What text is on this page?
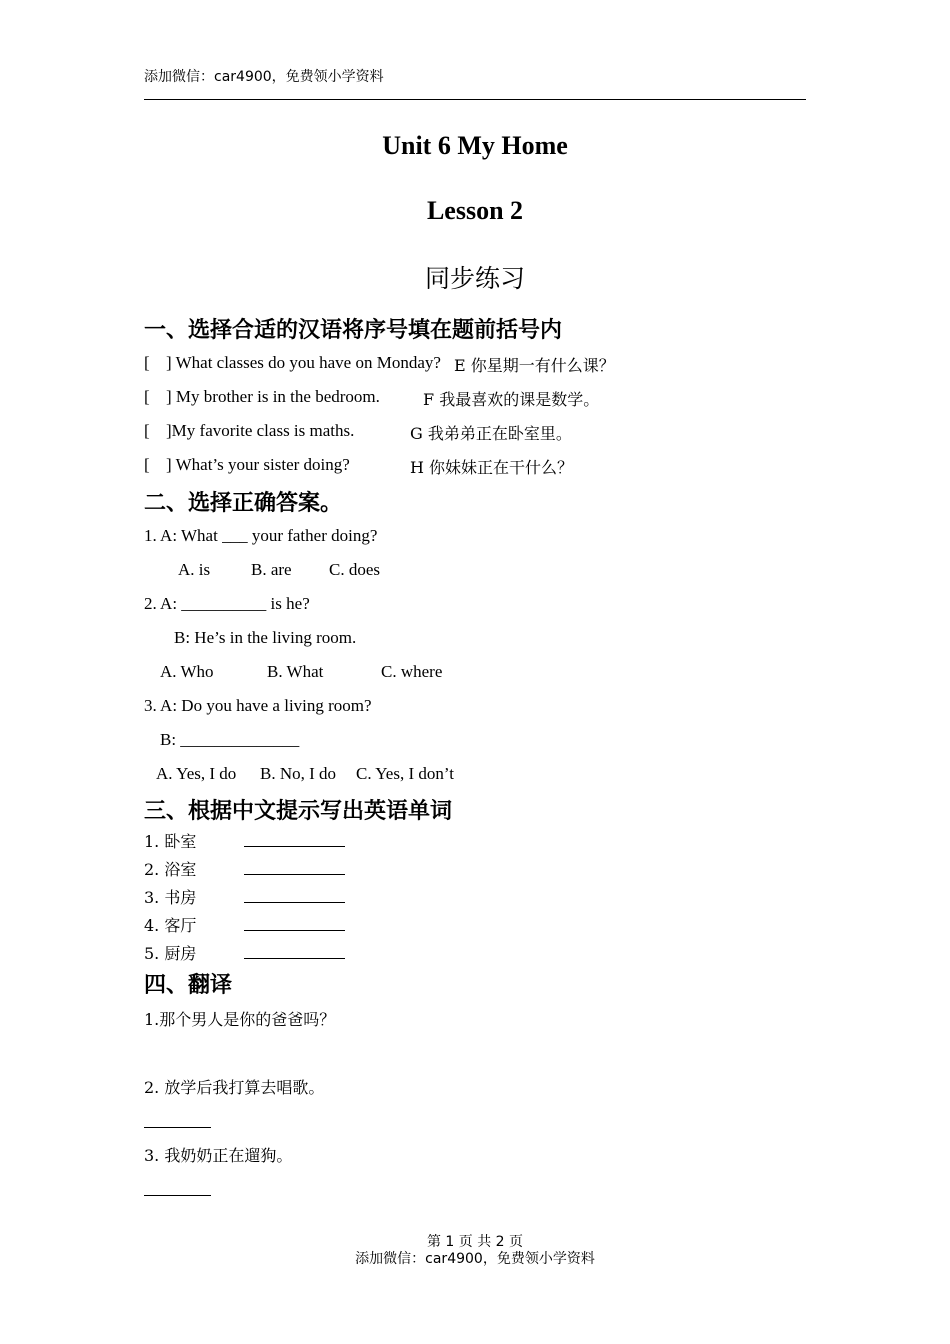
添加微信：car4900，免费领小学资料
Unit 6 My Home
Lesson 2
同步练习
一、选择合适的汉语将序号填在题前括号内
[ ] What classes do you have on Monday? E 你星期一有什么课？
[ ] My brother is in the bedroom.	F 我最喜欢的课是数学。
[ ]My favorite class is maths.	G 我弟弟正在卧室里。
[ ] What’s your sister doing?	H 你妹妹正在干什么？
二、选择正确答案。
1. A: What ___ your father doing?
A. is B. are C. does
2. A: __________ is he?
B: He’s in the living room.
A. Who	B. What	C. where
3. A: Do you have a living room?
B: ______________
A. Yes, I do B. No, I do C. Yes, I don’t
三、根据中文提示写出英语单词
1. 卧室
2. 浴室
3. 书房
4. 客厅
5. 厨房
四、翻译
1.那个男人是你的爸爸吗？
2. 放学后我打算去唱歌。
3. 我奶奶正在遛狗。
第 1 页 共 2 页
添加微信：car4900，免费领小学资料
